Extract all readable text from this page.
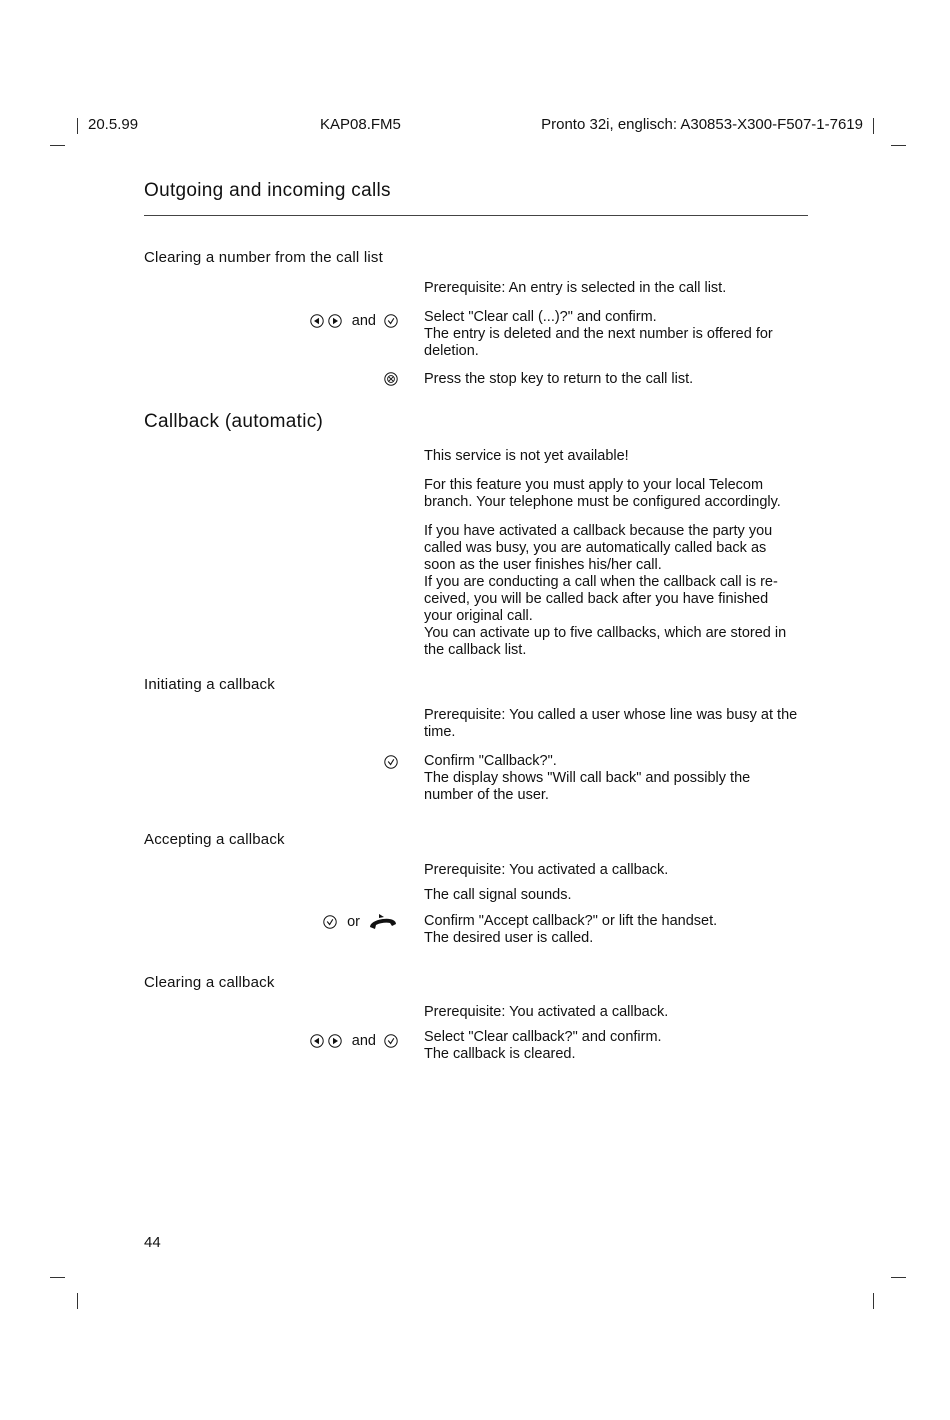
20.5.99	KAP08.FM5	Pronto 32i, englisch: A30853-X300-F507-1-7619
Outgoing and incoming calls
Clearing a number from the call list
Prerequisite: An entry is selected in the call list.
and	Select "Clear call (...)?" and confirm.
The entry is deleted and the next number is offered for
deletion.
Press the stop key to return to the call list.
Callback (automatic)
This service is not yet available!
For this feature you must apply to your local Telecom
branch. Your telephone must be configured accordingly.
If you have activated a callback because the party you
called was busy, you are automatically called back as
soon as the user finishes his/her call.
If you are conducting a call when the callback call is re-
ceived, you will be called back after you have finished
your original call.
You can activate up to five callbacks, which are stored in
the callback list.
Initiating a callback
Prerequisite: You called a user whose line was busy at the
time.
Confirm "Callback?".
The display shows "Will call back" and possibly the
number of the user.
Accepting a callback
Prerequisite: You activated a callback.
The call signal sounds.
or	Confirm "Accept callback?" or lift the handset.
The desired user is called.
Clearing a callback
Prerequisite: You activated a callback.
and	Select "Clear callback?" and confirm.
The callback is cleared.
44
